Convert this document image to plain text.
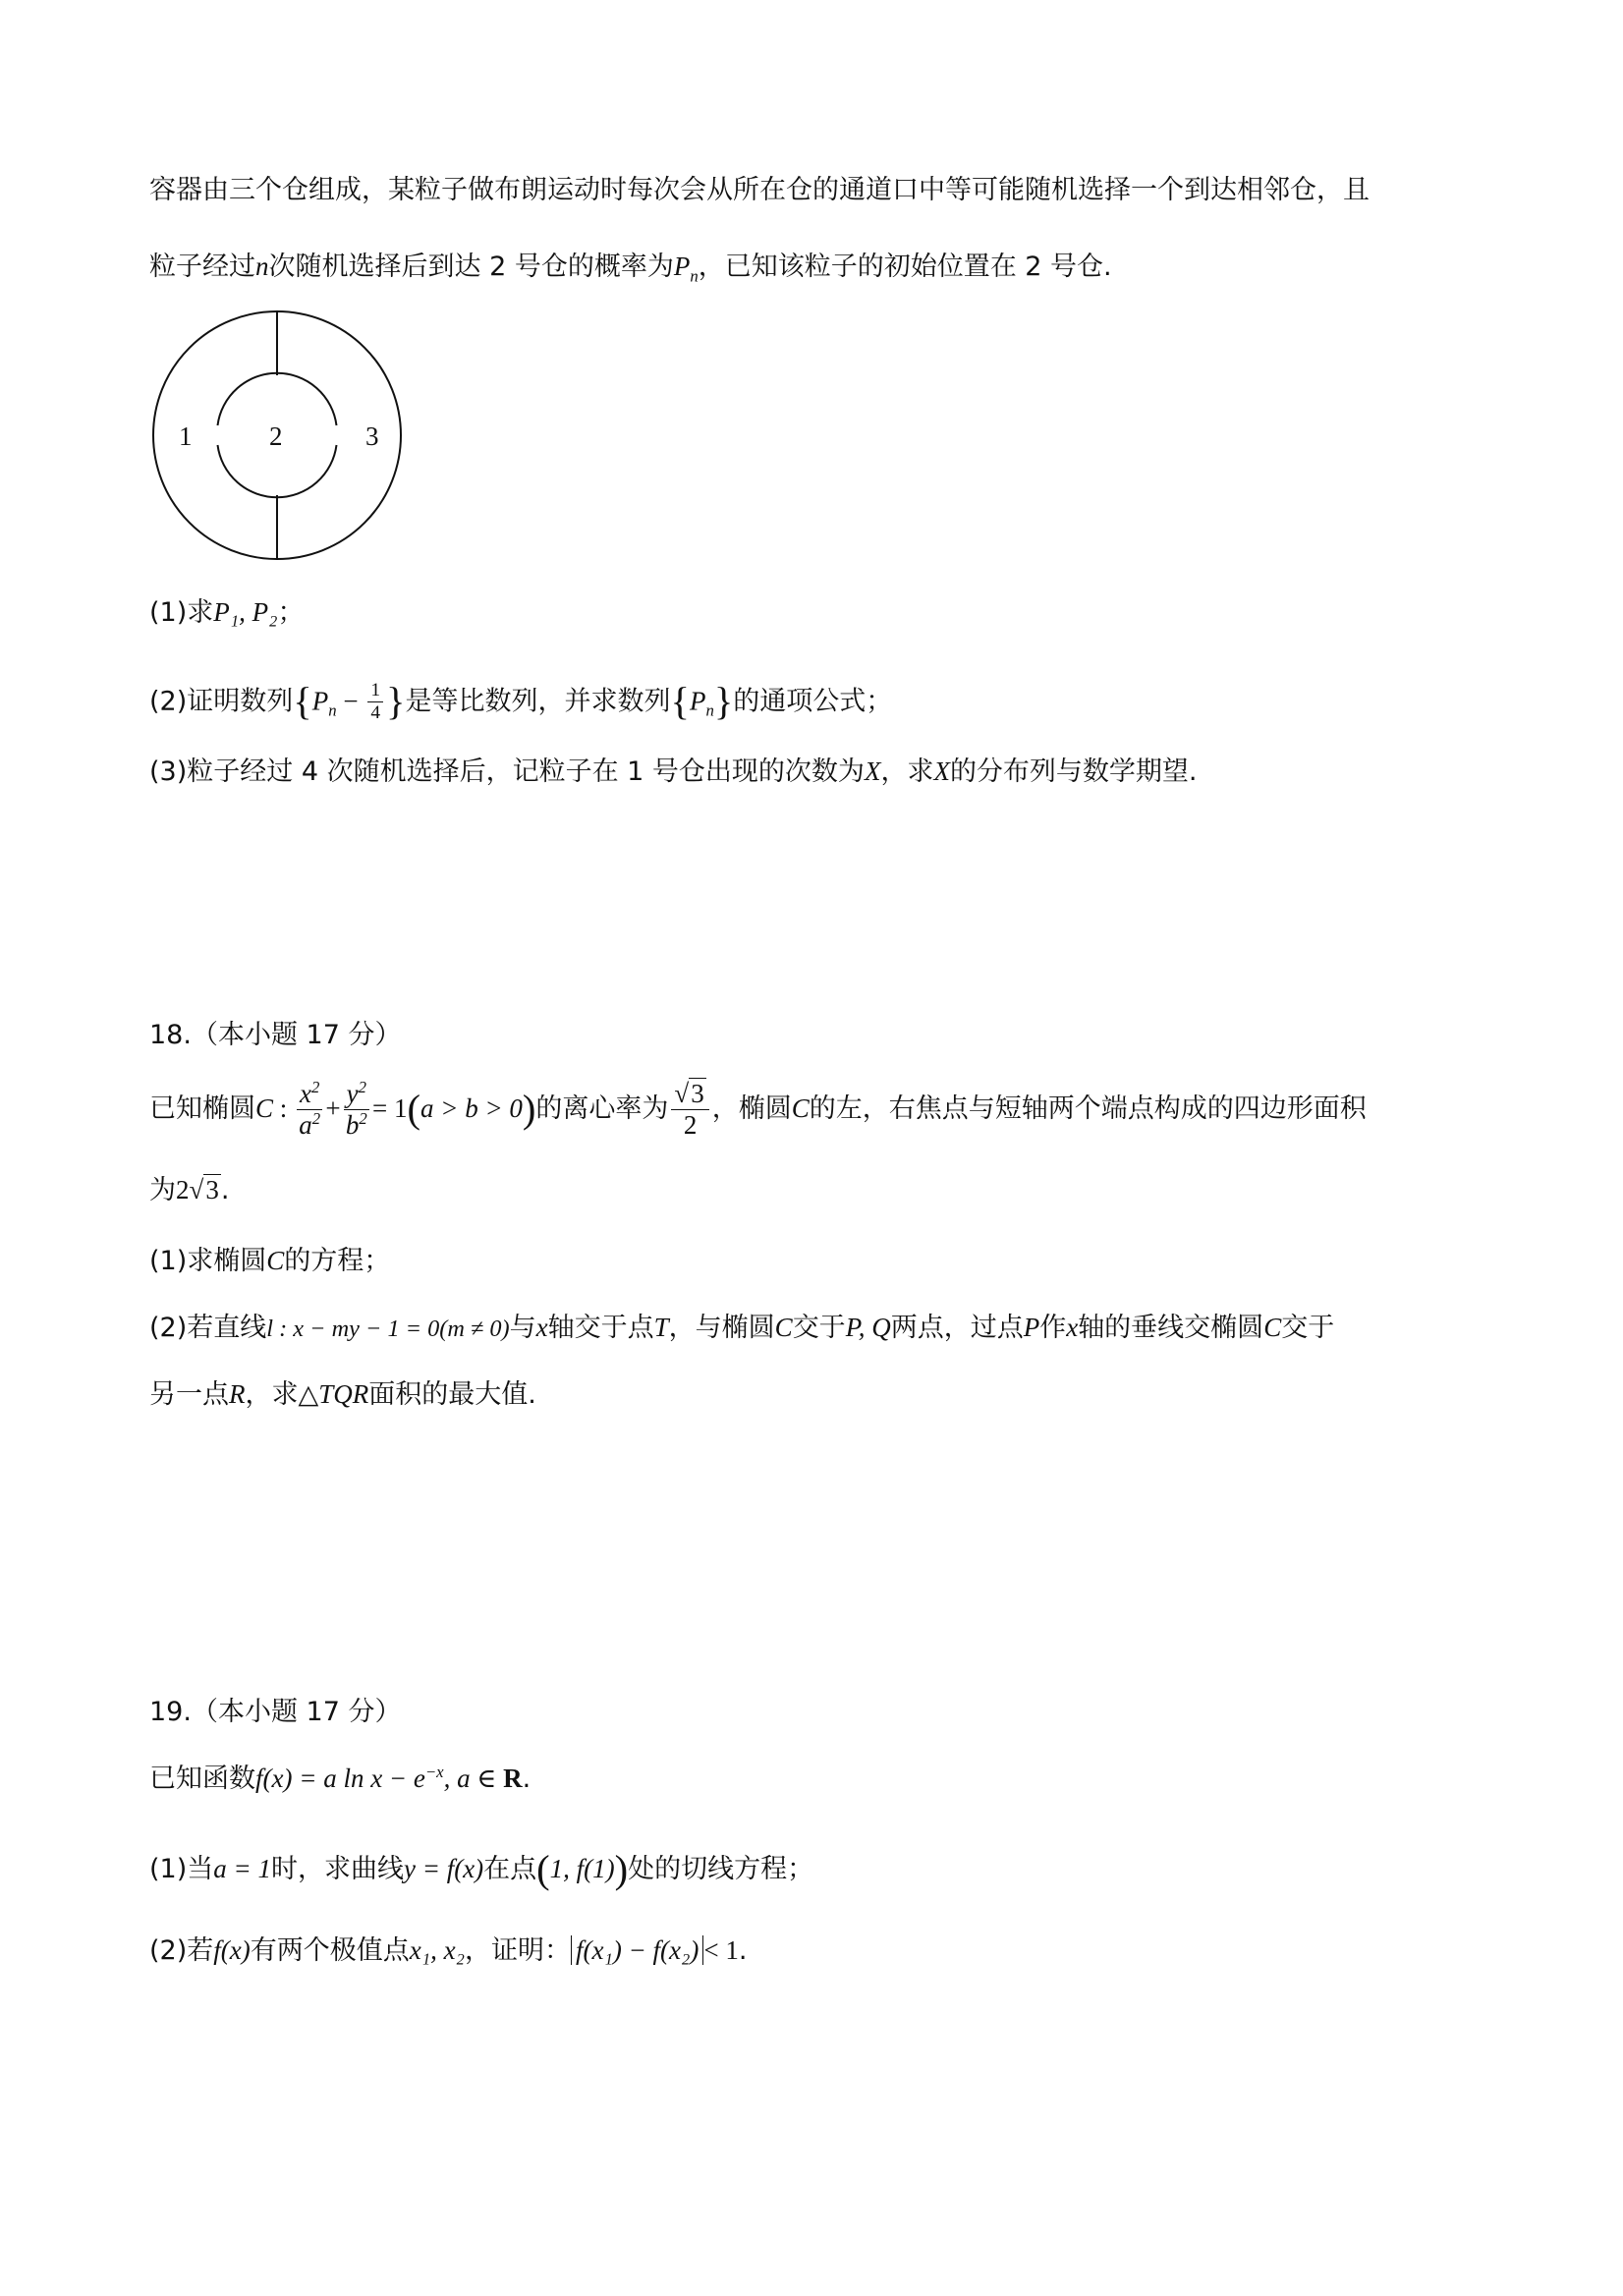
容器由三个仓组成，某粒子做布朗运动时每次会从所在仓的通道口中等可能随机选择一个到达相邻仓，且
粒子经过n次随机选择后到达 2 号仓的概率为$P_n$，已知该粒子的初始位置在 2 号仓.
1	2	3
(1)求P₁, P₂；
(2)证明数列{$P_n - \frac{1}{4}$ }是等比数列，并求数列$\{P_n\}$的通项公式；
(3)粒子经过 4 次随机选择后，记粒子在 1 号仓出现的次数为X，求X的分布列与数学期望.
18.（本小题 17 分）
已知椭圆C : $\frac{x^2}{a^2} + \frac{y^2}{b^2} = 1(a > b > 0)$的离心率为 $\frac{√3}{2}$ ，椭圆C的左，右焦点与短轴两个端点构成的四边形面积
为2√3.
(1)求椭圆C的方程；
(2)若直线l : x − my − 1 = 0(m ≠ 0)与x轴交于点T，与椭圆C交于P, Q两点，过点P作x轴的垂线交椭圆C交于
另一点R，求△TQR面积的最大值.
19.（本小题 17 分）
已知函数f(x) = a $\ln x - e^{-x}$, a ∈ R.
(1)当a = 1时，求曲线y = f(x)在点(1, f(1))处的切线方程；
(2)若f(x)有两个极值点x₁, x₂，证明： f(x₁) − f(x₂) < 1.
